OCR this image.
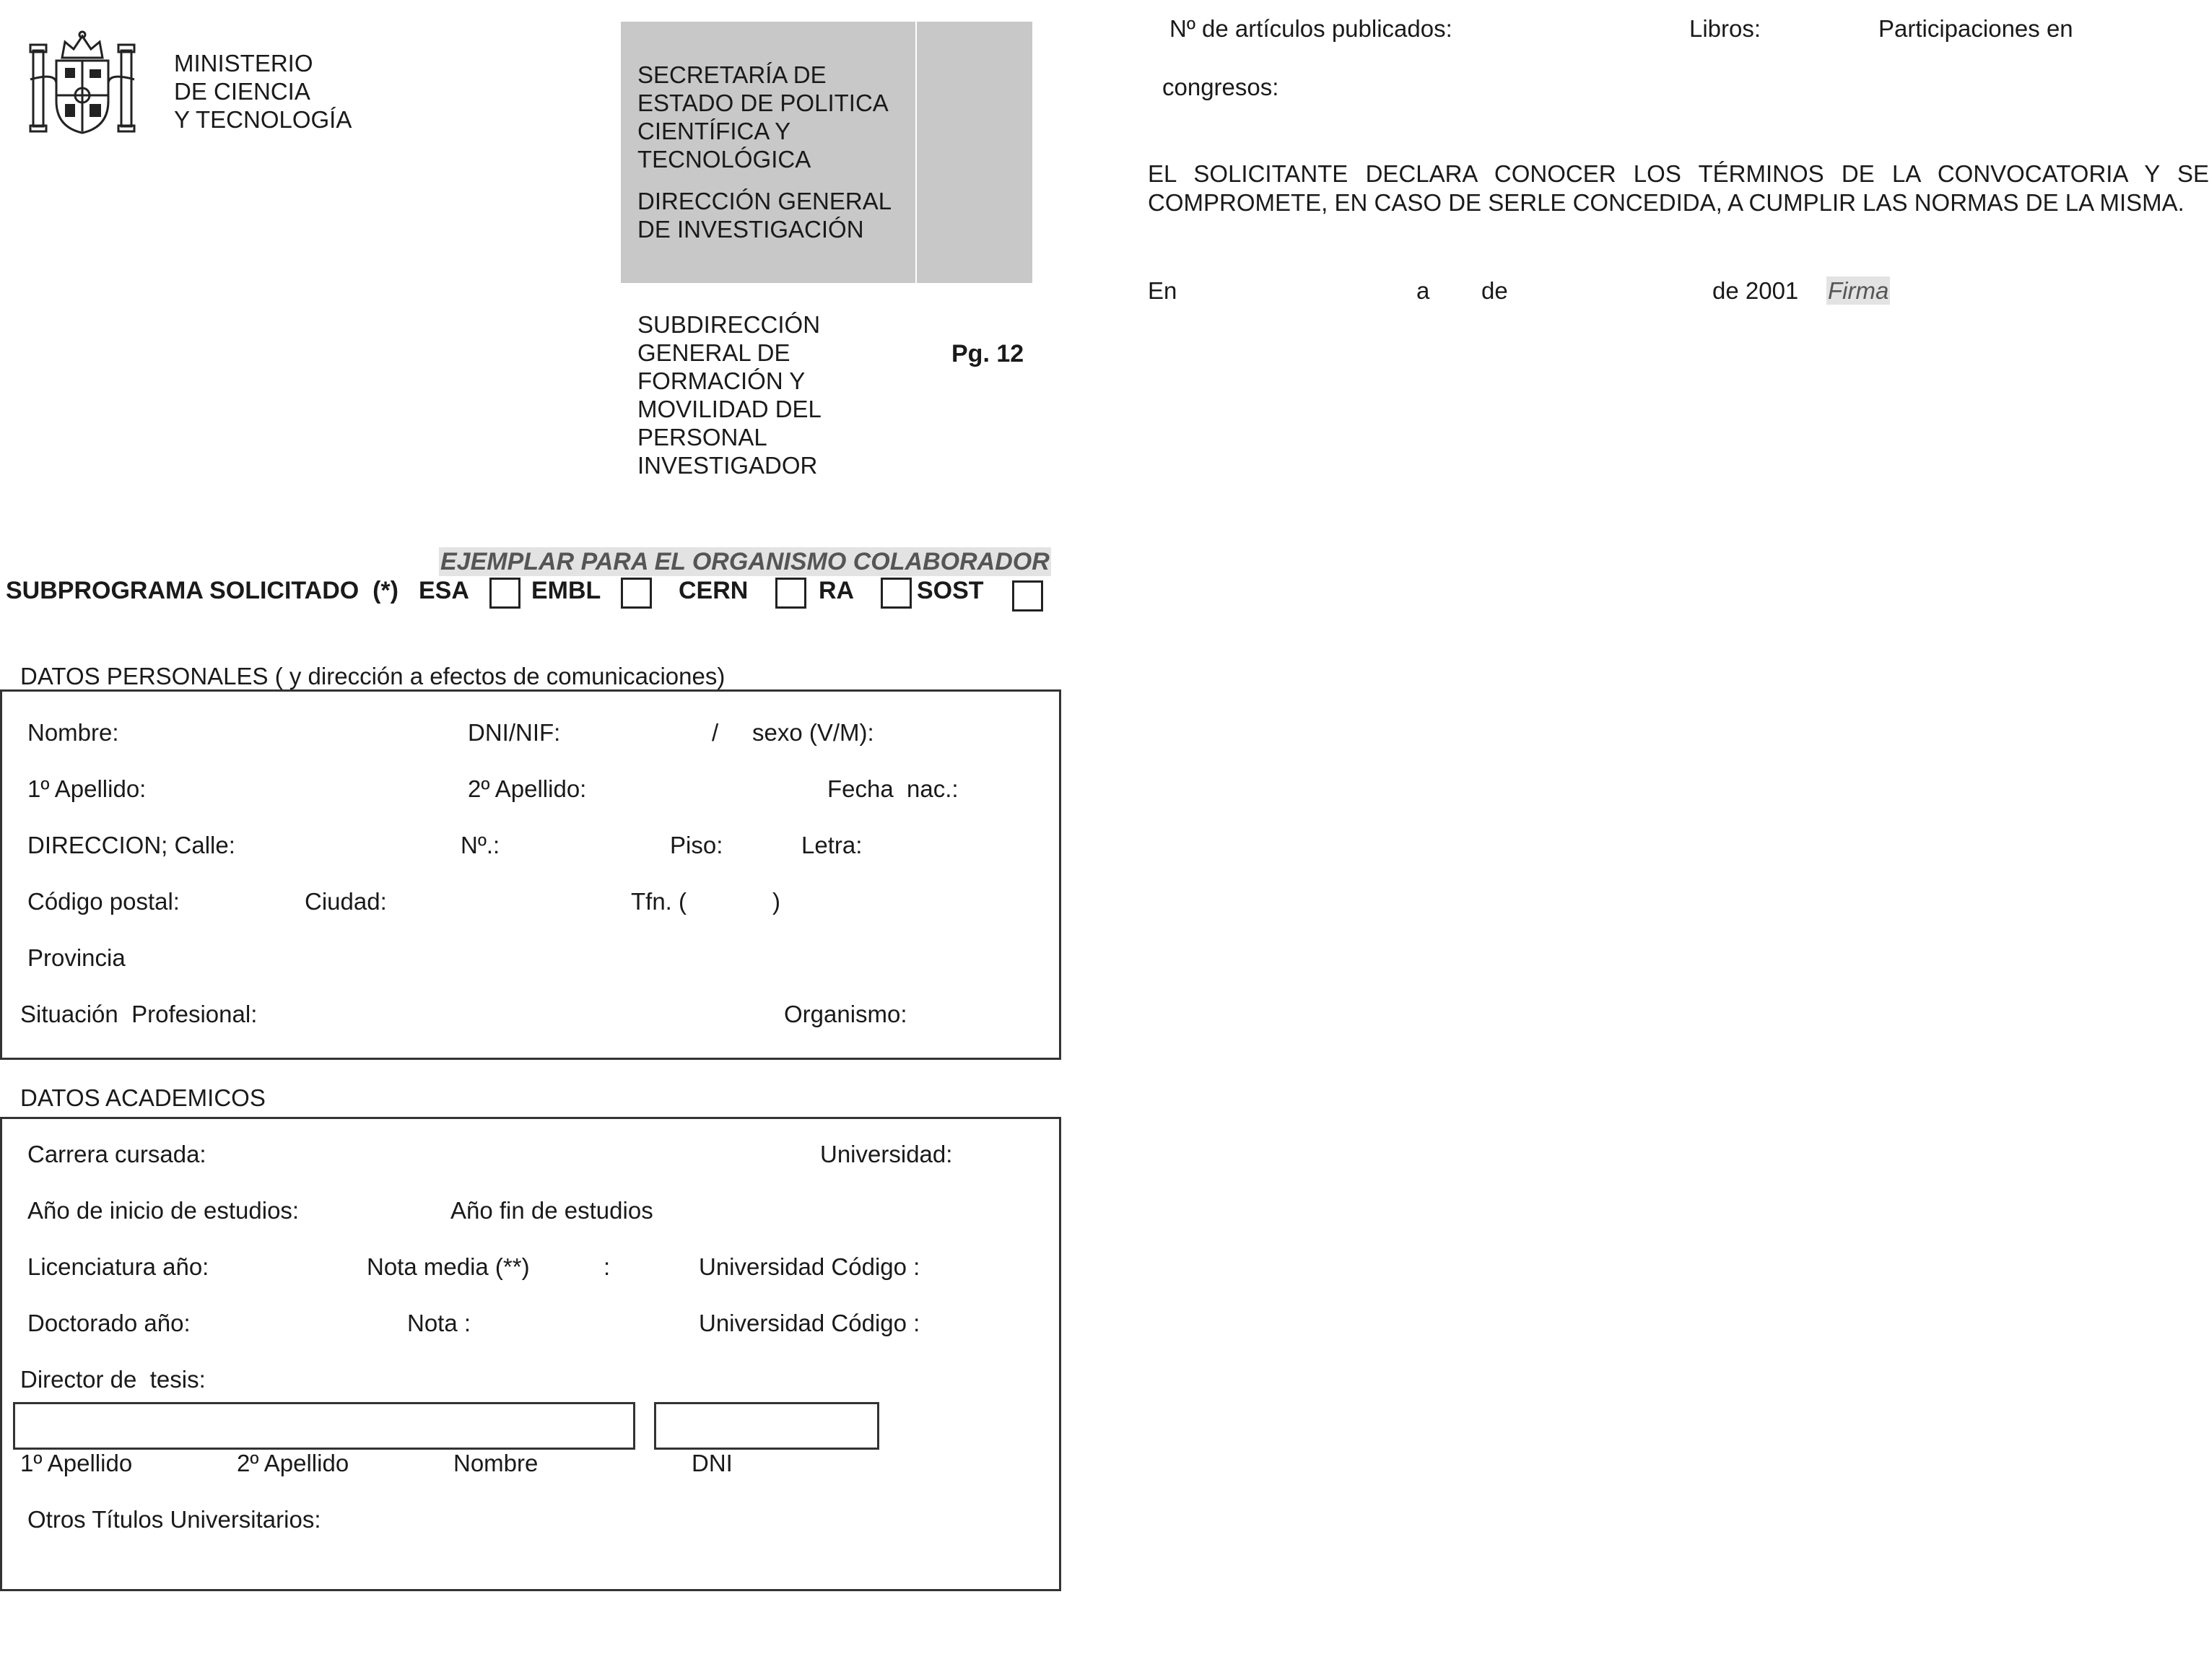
MINISTERIO
DE CIENCIA
Y TECNOLOGÍA
SECRETARÍA DE
ESTADO DE POLITICA
CIENTÍFICA Y
TECNOLÓGICA
DIRECCIÓN GENERAL
DE INVESTIGACIÓN
SUBDIRECCIÓN
GENERAL DE
FORMACIÓN Y
MOVILIDAD DEL
PERSONAL
INVESTIGADOR
Pg. 12
EJEMPLAR PARA EL ORGANISMO COLABORADOR
SUBPROGRAMA SOLICITADO  (*) ESA	EMBL	CERN	RA	SOST
DATOS PERSONALES ( y dirección a efectos de comunicaciones)
Nombre:	DNI/NIF:	/ sexo (V/M):
1º Apellido:	2º Apellido:	Fecha  nac.:
DIRECCION; Calle:	Nº.:	Piso:	Letra:
Código postal:	Ciudad:	Tfn. (	)
Provincia
Situación  Profesional:	Organismo:
DATOS ACADEMICOS
Carrera cursada:	Universidad:
Año de inicio de estudios:	Año fin de estudios
Licenciatura año:	Nota media (**)	:	Universidad Código :
Doctorado año:	Nota :	Universidad Código :
Director de  tesis:
1º Apellido	2º Apellido	Nombre	DNI
Otros Títulos Universitarios:
Nº de artículos publicados:	Libros:	Participaciones en
congresos:
EL SOLICITANTE DECLARA CONOCER LOS TÉRMINOS DE LA CONVOCATORIA Y SE COMPROMETE, EN CASO DE SERLE CONCEDIDA, A CUMPLIR LAS NORMAS DE LA MISMA.
En	a de	de 2001 Firma
